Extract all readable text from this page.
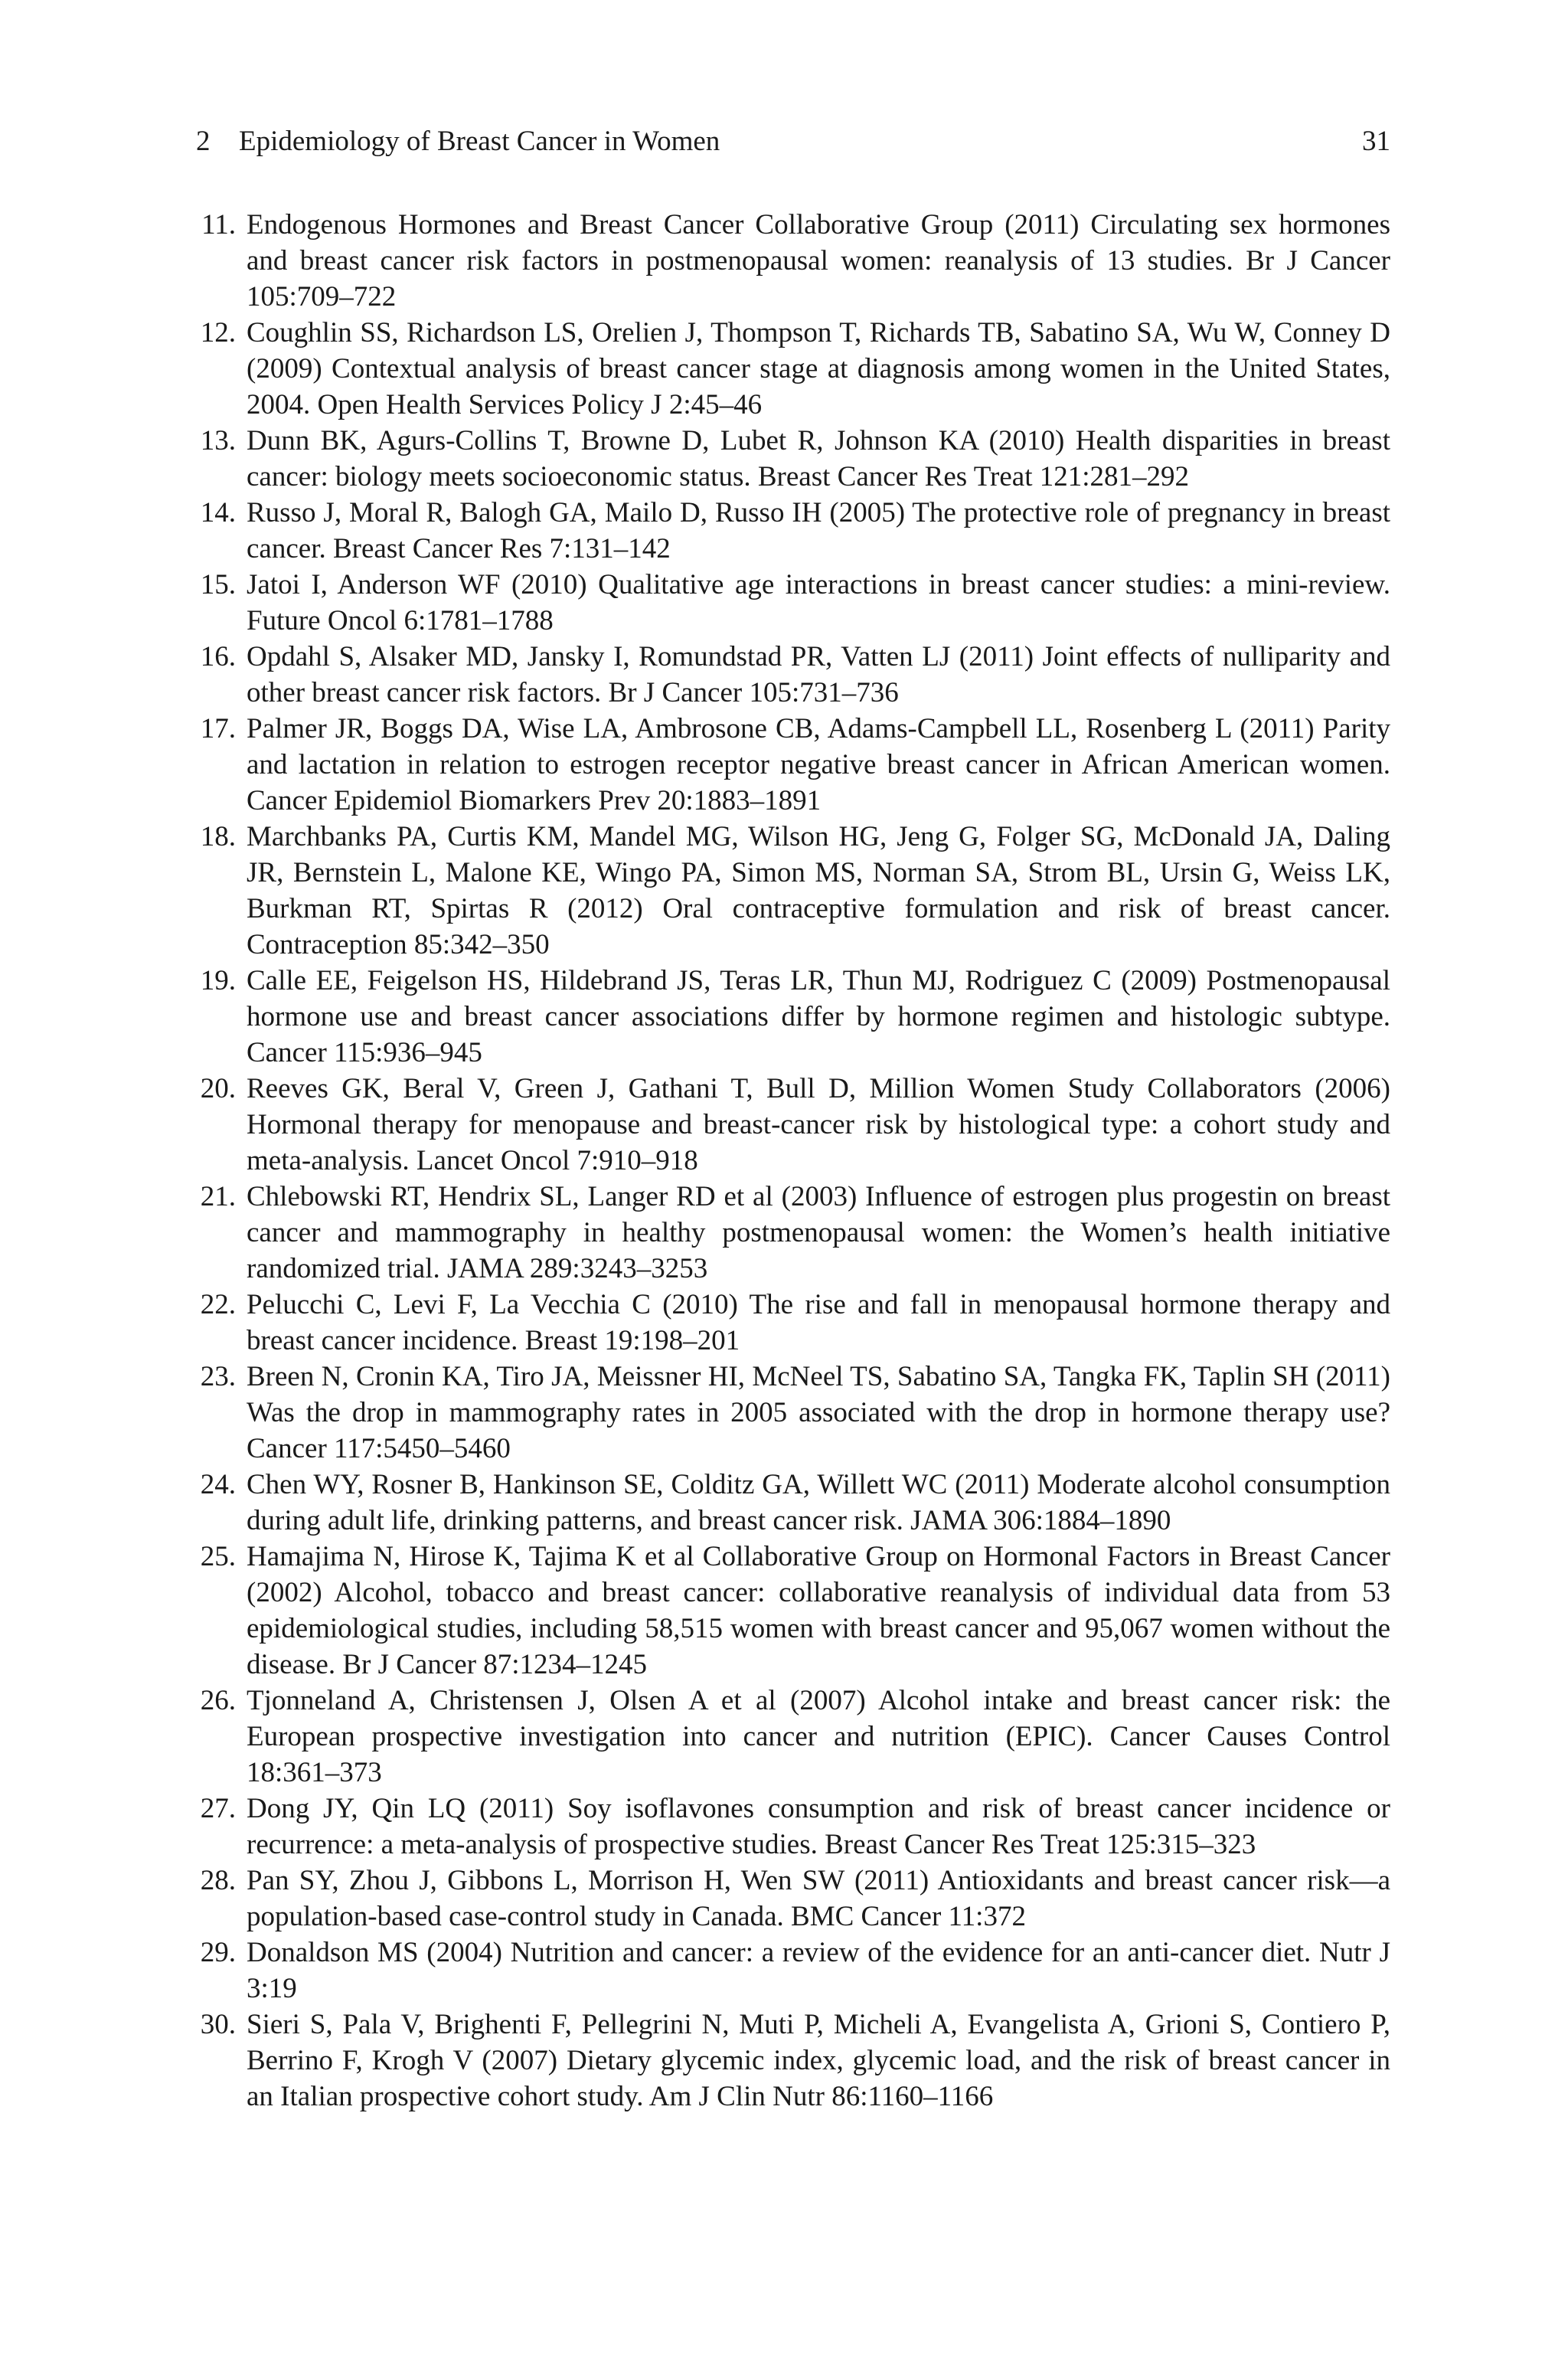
2 Epidemiology of Breast Cancer in Women	31
11. Endogenous Hormones and Breast Cancer Collaborative Group (2011) Circulating sex hormones and breast cancer risk factors in postmenopausal women: reanalysis of 13 studies. Br J Cancer 105:709–722
12. Coughlin SS, Richardson LS, Orelien J, Thompson T, Richards TB, Sabatino SA, Wu W, Conney D (2009) Contextual analysis of breast cancer stage at diagnosis among women in the United States, 2004. Open Health Services Policy J 2:45–46
13. Dunn BK, Agurs-Collins T, Browne D, Lubet R, Johnson KA (2010) Health disparities in breast cancer: biology meets socioeconomic status. Breast Cancer Res Treat 121:281–292
14. Russo J, Moral R, Balogh GA, Mailo D, Russo IH (2005) The protective role of pregnancy in breast cancer. Breast Cancer Res 7:131–142
15. Jatoi I, Anderson WF (2010) Qualitative age interactions in breast cancer studies: a mini-review. Future Oncol 6:1781–1788
16. Opdahl S, Alsaker MD, Jansky I, Romundstad PR, Vatten LJ (2011) Joint effects of nulliparity and other breast cancer risk factors. Br J Cancer 105:731–736
17. Palmer JR, Boggs DA, Wise LA, Ambrosone CB, Adams-Campbell LL, Rosenberg L (2011) Parity and lactation in relation to estrogen receptor negative breast cancer in African American women. Cancer Epidemiol Biomarkers Prev 20:1883–1891
18. Marchbanks PA, Curtis KM, Mandel MG, Wilson HG, Jeng G, Folger SG, McDonald JA, Daling JR, Bernstein L, Malone KE, Wingo PA, Simon MS, Norman SA, Strom BL, Ursin G, Weiss LK, Burkman RT, Spirtas R (2012) Oral contraceptive formulation and risk of breast cancer. Contraception 85:342–350
19. Calle EE, Feigelson HS, Hildebrand JS, Teras LR, Thun MJ, Rodriguez C (2009) Postmenopausal hormone use and breast cancer associations differ by hormone regimen and histologic subtype. Cancer 115:936–945
20. Reeves GK, Beral V, Green J, Gathani T, Bull D, Million Women Study Collaborators (2006) Hormonal therapy for menopause and breast-cancer risk by histological type: a cohort study and meta-analysis. Lancet Oncol 7:910–918
21. Chlebowski RT, Hendrix SL, Langer RD et al (2003) Influence of estrogen plus progestin on breast cancer and mammography in healthy postmenopausal women: the Women’s health initiative randomized trial. JAMA 289:3243–3253
22. Pelucchi C, Levi F, La Vecchia C (2010) The rise and fall in menopausal hormone therapy and breast cancer incidence. Breast 19:198–201
23. Breen N, Cronin KA, Tiro JA, Meissner HI, McNeel TS, Sabatino SA, Tangka FK, Taplin SH (2011) Was the drop in mammography rates in 2005 associated with the drop in hormone therapy use? Cancer 117:5450–5460
24. Chen WY, Rosner B, Hankinson SE, Colditz GA, Willett WC (2011) Moderate alcohol consumption during adult life, drinking patterns, and breast cancer risk. JAMA 306:1884–1890
25. Hamajima N, Hirose K, Tajima K et al Collaborative Group on Hormonal Factors in Breast Cancer (2002) Alcohol, tobacco and breast cancer: collaborative reanalysis of individual data from 53 epidemiological studies, including 58,515 women with breast cancer and 95,067 women without the disease. Br J Cancer 87:1234–1245
26. Tjonneland A, Christensen J, Olsen A et al (2007) Alcohol intake and breast cancer risk: the European prospective investigation into cancer and nutrition (EPIC). Cancer Causes Control 18:361–373
27. Dong JY, Qin LQ (2011) Soy isoflavones consumption and risk of breast cancer incidence or recurrence: a meta-analysis of prospective studies. Breast Cancer Res Treat 125:315–323
28. Pan SY, Zhou J, Gibbons L, Morrison H, Wen SW (2011) Antioxidants and breast cancer risk—a population-based case-control study in Canada. BMC Cancer 11:372
29. Donaldson MS (2004) Nutrition and cancer: a review of the evidence for an anti-cancer diet. Nutr J 3:19
30. Sieri S, Pala V, Brighenti F, Pellegrini N, Muti P, Micheli A, Evangelista A, Grioni S, Contiero P, Berrino F, Krogh V (2007) Dietary glycemic index, glycemic load, and the risk of breast cancer in an Italian prospective cohort study. Am J Clin Nutr 86:1160–1166
